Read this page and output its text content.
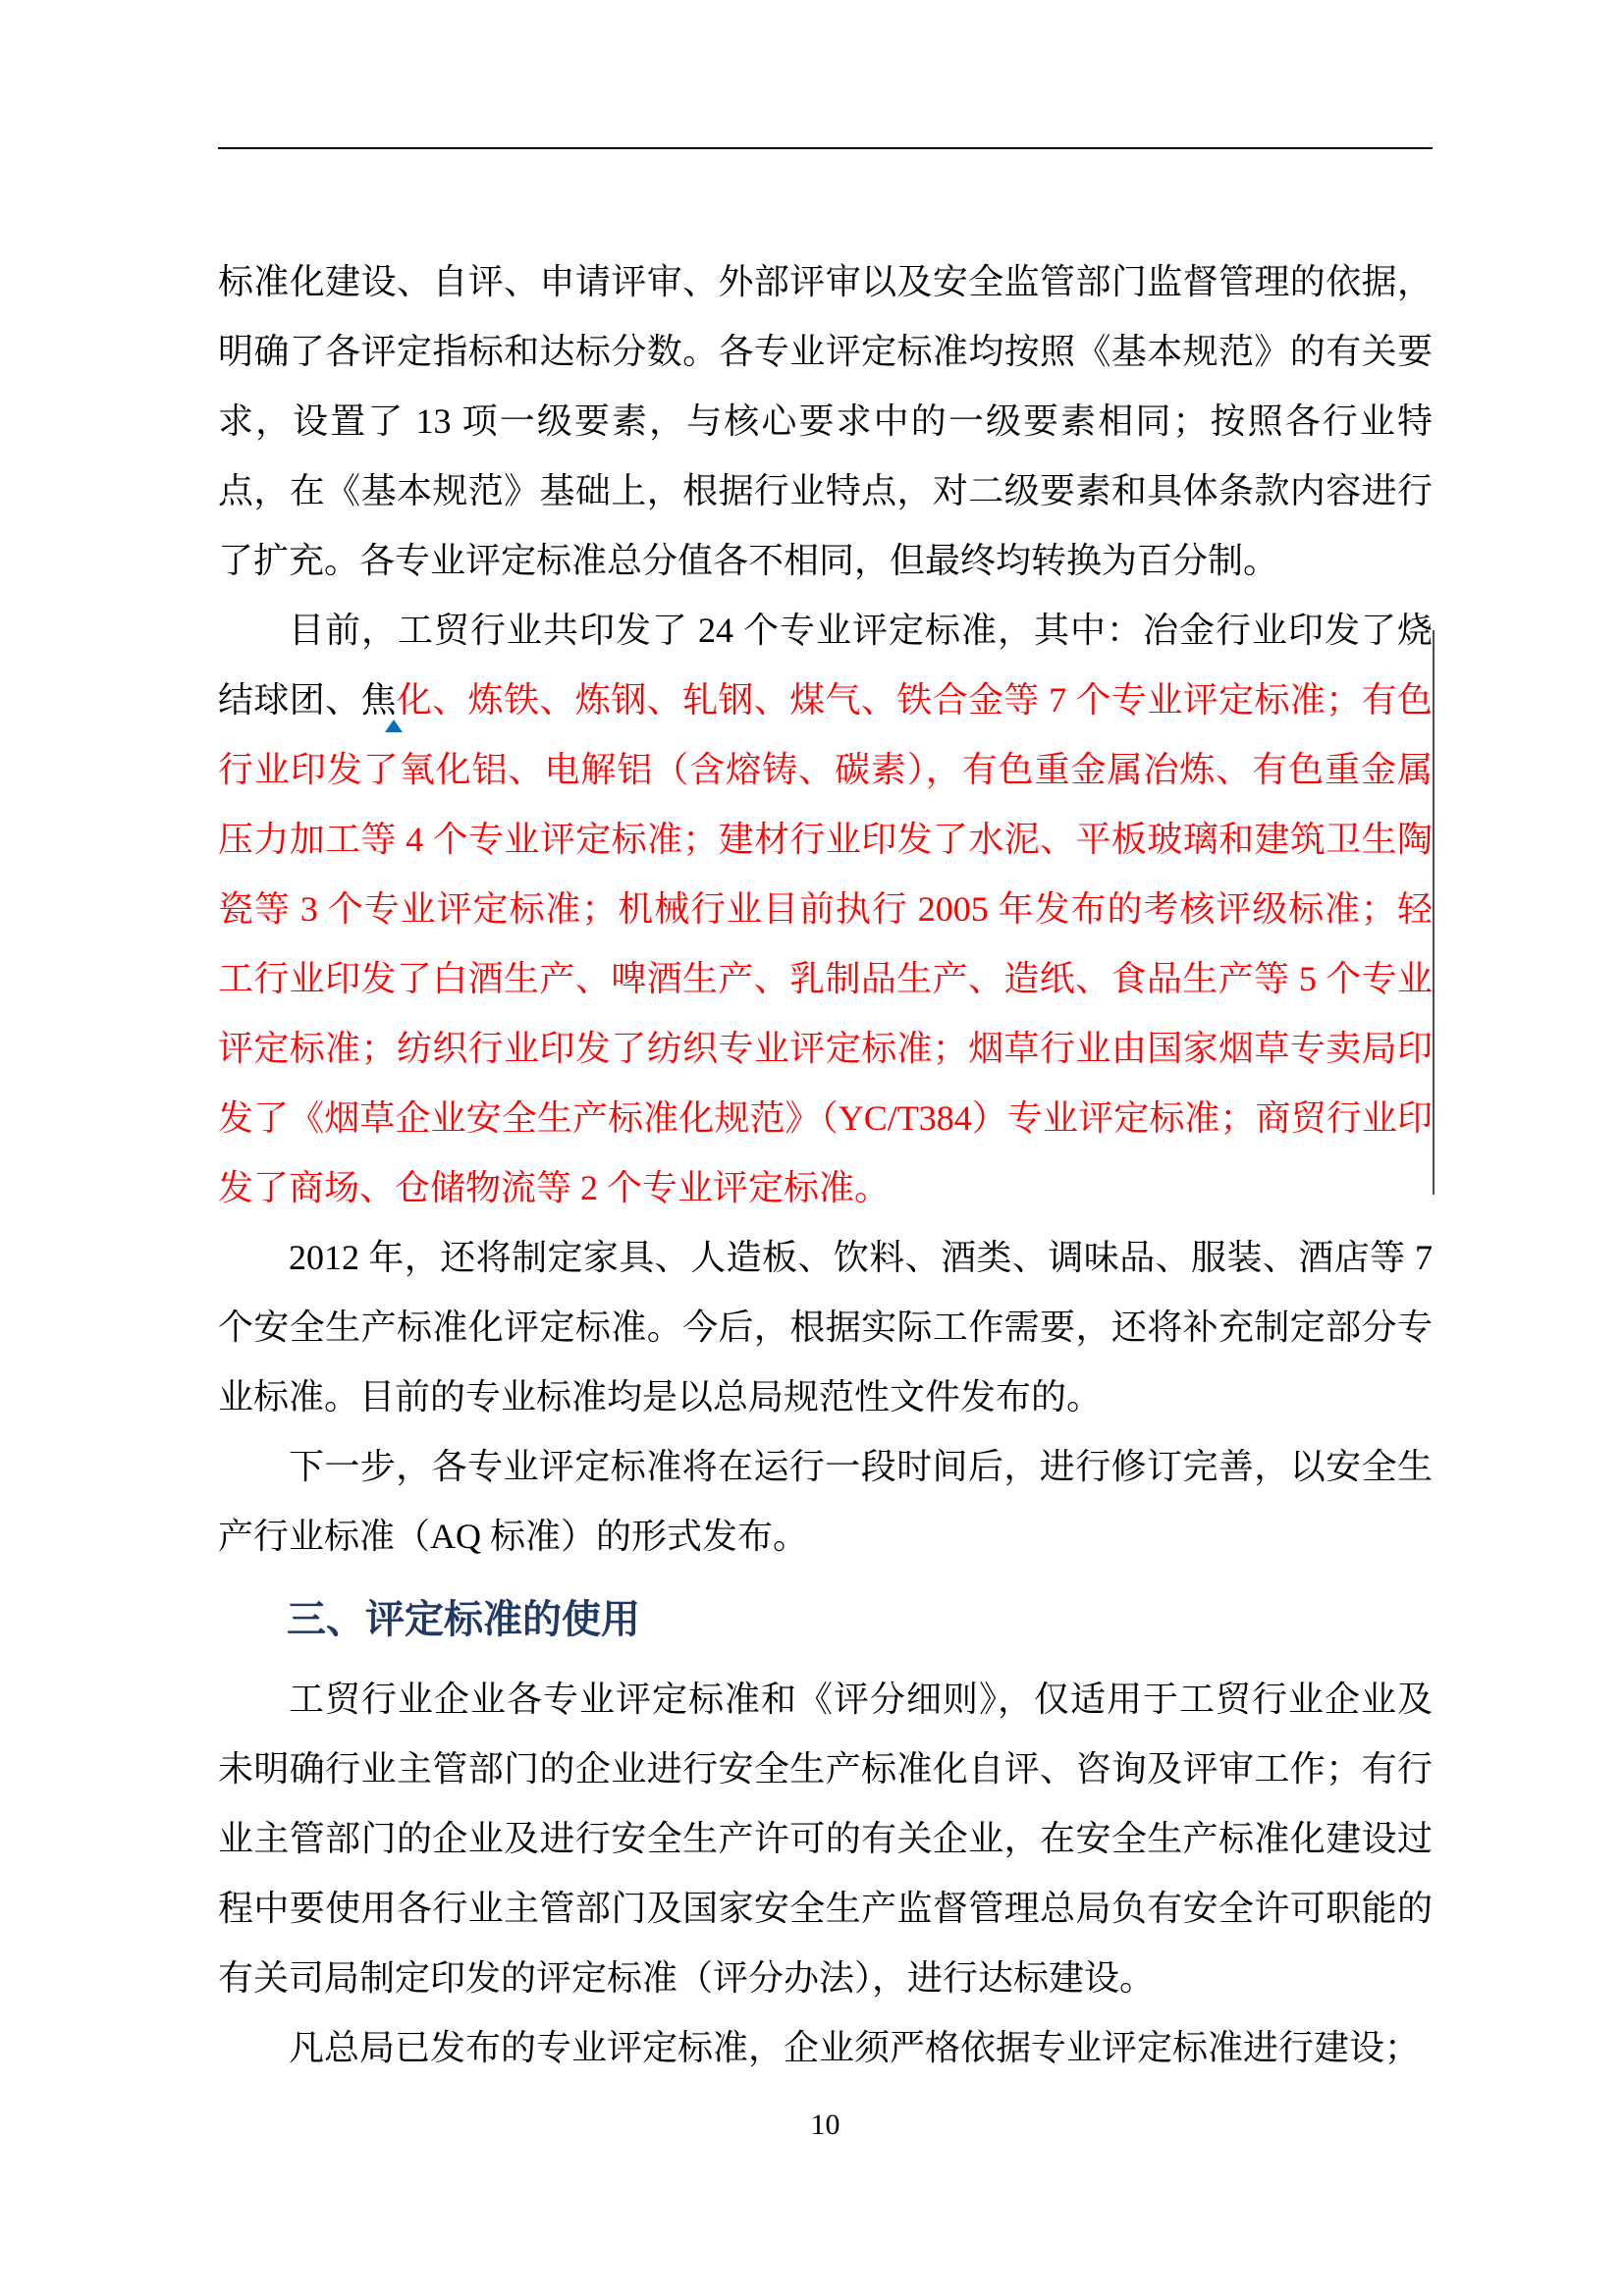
标准化建设、自评、申请评审、外部评审以及安全监管部门监督管理的依据，明确了各评定指标和达标分数。各专业评定标准均按照《基本规范》的有关要求，设置了 13 项一级要素，与核心要求中的一级要素相同；按照各行业特点，在《基本规范》基础上，根据行业特点，对二级要素和具体条款内容进行了扩充。各专业评定标准总分值各不相同，但最终均转换为百分制。

目前，工贸行业共印发了 24 个专业评定标准，其中：冶金行业印发了烧结球团、焦化、炼铁、炼钢、轧钢、煤气、铁合金等 7 个专业评定标准；有色行业印发了氧化铝、电解铝（含熔铸、碳素），有色重金属冶炼、有色重金属压力加工等 4 个专业评定标准；建材行业印发了水泥、平板玻璃和建筑卫生陶瓷等 3 个专业评定标准；机械行业目前执行 2005 年发布的考核评级标准；轻工行业印发了白酒生产、啤酒生产、乳制品生产、造纸、食品生产等 5 个专业评定标准；纺织行业印发了纺织专业评定标准；烟草行业由国家烟草专卖局印发了《烟草企业安全生产标准化规范》（YC/T384）专业评定标准；商贸行业印发了商场、仓储物流等 2 个专业评定标准。

2012 年，还将制定家具、人造板、饮料、酒类、调味品、服装、酒店等 7 个安全生产标准化评定标准。今后，根据实际工作需要，还将补充制定部分专业标准。目前的专业标准均是以总局规范性文件发布的。

下一步，各专业评定标准将在运行一段时间后，进行修订完善，以安全生产行业标准（AQ 标准）的形式发布。

三、评定标准的使用

工贸行业企业各专业评定标准和《评分细则》，仅适用于工贸行业企业及未明确行业主管部门的企业进行安全生产标准化自评、咨询及评审工作；有行业主管部门的企业及进行安全生产许可的有关企业，在安全生产标准化建设过程中要使用各行业主管部门及国家安全生产监督管理总局负有安全许可职能的有关司局制定印发的评定标准（评分办法），进行达标建设。

凡总局已发布的专业评定标准，企业须严格依据专业评定标准进行建设；

10
